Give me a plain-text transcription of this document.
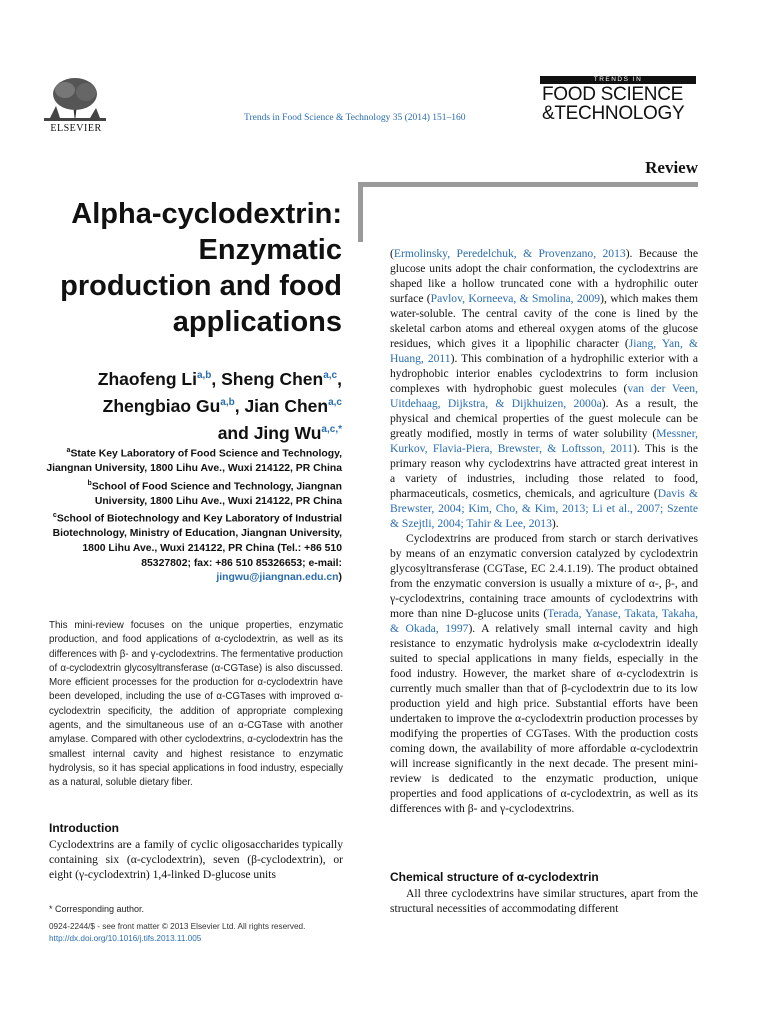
ELSEVIER
Trends in Food Science & Technology 35 (2014) 151–160
TRENDS IN
FOOD SCIENCE
&TECHNOLOGY
Review
Alpha-cyclodextrin: Enzymatic production and food applications
Zhaofeng Li$^{a,b}$, Sheng Chen$^{a,c}$,
Zhengbiao Gu$^{a,b}$, Jian Chen$^{a,c}$
and Jing $Wu^{a,c,*}$

$^a$State Key Laboratory of Food Science and Technology, Jiangnan University, 1800 Lihu Ave., Wuxi 214122, PR China

$^b$School of Food Science and Technology, Jiangnan University, 1800 Lihu Ave., Wuxi 214122, PR China

$^c$School of Biotechnology and Key Laboratory of Industrial Biotechnology, Ministry of Education, Jiangnan University, 1800 Lihu Ave., Wuxi 214122, PR China (Tel.: +86 510 85327802; fax: +86 510 85326653; e-mail: jingwu@jiangnan.edu.cn)

This mini-review focuses on the unique properties, enzymatic production, and food applications of α-cyclodextrin, as well as its differences with β- and γ-cyclodextrins. The fermentative production of α-cyclodextrin glycosyltransferase (α-CGTase) is also discussed. More efficient processes for the production for α-cyclodextrin have been developed, including the use of α-CGTases with improved α-cyclodextrin specificity, the addition of appropriate complexing agents, and the simultaneous use of an α-CGTase with another amylase. Compared with other cyclodextrins, α-cyclodextrin has the smallest internal cavity and highest resistance to enzymatic hydrolysis, so it has special applications in food industry, especially as a natural, soluble dietary fiber.
Introduction
Cyclodextrins are a family of cyclic oligosaccharides typically containing six (α-cyclodextrin), seven (β-cyclodextrin), or eight (γ-cyclodextrin) 1,4-linked D-glucose units
* Corresponding author.
0924-2244/$ - see front matter © 2013 Elsevier Ltd. All rights reserved.
http://dx.doi.org/10.1016/j.tifs.2013.11.005

(Ermolinsky, Peredelchuk, & Provenzano, 2013). Because the glucose units adopt the chair conformation, the cyclodextrins are shaped like a hollow truncated cone with a hydrophilic outer surface (Pavlov, Korneeva, & Smolina, 2009), which makes them water-soluble. The central cavity of the cone is lined by the skeletal carbon atoms and ethereal oxygen atoms of the glucose residues, which gives it a lipophilic character (Jiang, Yan, & Huang, 2011). This combination of a hydrophilic exterior with a hydrophobic interior enables cyclodextrins to form inclusion complexes with hydrophobic guest molecules (van der Veen, Uitdehaag, Dijkstra, & Dijkhuizen, 2000a). As a result, the physical and chemical properties of the guest molecule can be greatly modified, mostly in terms of water solubility (Messner, Kurkov, Flavia-Piera, Brewster, & Loftsson, 2011). This is the primary reason why cyclodextrins have attracted great interest in a variety of industries, including those related to food, pharmaceuticals, cosmetics, chemicals, and agriculture (Davis & Brewster, 2004; Kim, Cho, & Kim, 2013; Li et al., 2007; Szente & Szejtli, 2004; Tahir & Lee, 2013).

Cyclodextrins are produced from starch or starch derivatives by means of an enzymatic conversion catalyzed by cyclodextrin glycosyltransferase (CGTase, EC 2.4.1.19). The product obtained from the enzymatic conversion is usually a mixture of α-, β-, and γ-cyclodextrins, containing trace amounts of cyclodextrins with more than nine D-glucose units (Terada, Yanase, Takata, Takaha, & Okada, 1997). A relatively small internal cavity and high resistance to enzymatic hydrolysis make α-cyclodextrin ideally suited to special applications in many fields, especially in the food industry. However, the market share of α-cyclodextrin is currently much smaller than that of β-cyclodextrin due to its low production yield and high price. Substantial efforts have been undertaken to improve the α-cyclodextrin production processes by modifying the properties of CGTases. With the production costs coming down, the availability of more affordable α-cyclodextrin will increase significantly in the next decade. The present mini-review is dedicated to the enzymatic production, unique properties and food applications of α-cyclodextrin, as well as its differences with β- and γ-cyclodextrins.

Chemical structure of α-cyclodextrin
All three cyclodextrins have similar structures, apart from the structural necessities of accommodating different
